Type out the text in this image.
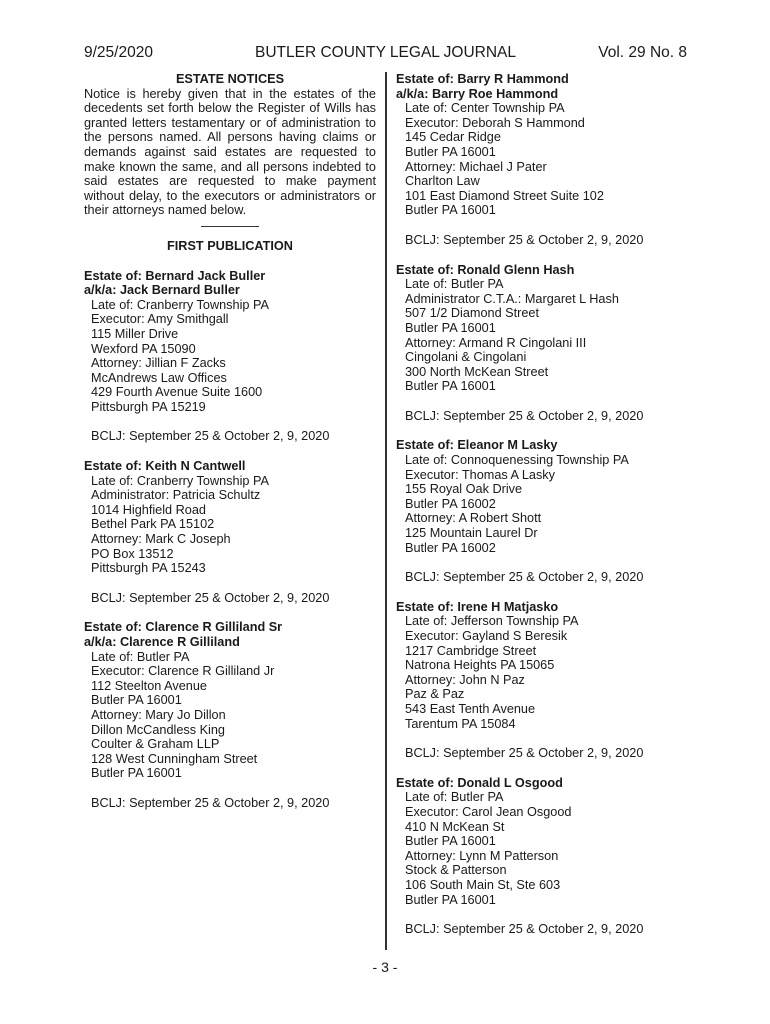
9/25/2020	BUTLER COUNTY LEGAL JOURNAL	Vol. 29 No. 8
ESTATE NOTICES
Notice is hereby given that in the estates of the decedents set forth below the Register of Wills has granted letters testamentary or of administration to the persons named. All persons having claims or demands against said estates are requested to make known the same, and all persons indebted to said estates are requested to make payment without delay, to the executors or administrators or their attorneys named below.
FIRST PUBLICATION
Estate of: Bernard Jack Buller
a/k/a: Jack Bernard Buller
Late of: Cranberry Township PA
Executor: Amy Smithgall
115 Miller Drive
Wexford PA 15090
Attorney: Jillian F Zacks
McAndrews Law Offices
429 Fourth Avenue Suite 1600
Pittsburgh PA 15219
BCLJ: September 25 & October 2, 9, 2020
Estate of: Keith N Cantwell
Late of: Cranberry Township PA
Administrator: Patricia Schultz
1014 Highfield Road
Bethel Park PA 15102
Attorney: Mark C Joseph
PO Box 13512
Pittsburgh PA 15243
BCLJ: September 25 & October 2, 9, 2020
Estate of: Clarence R Gilliland Sr
a/k/a: Clarence R Gilliland
Late of: Butler PA
Executor: Clarence R Gilliland Jr
112 Steelton Avenue
Butler PA 16001
Attorney: Mary Jo Dillon
Dillon McCandless King
Coulter & Graham LLP
128 West Cunningham Street
Butler PA 16001
BCLJ: September 25 & October 2, 9, 2020
Estate of: Barry R Hammond
a/k/a: Barry Roe Hammond
Late of: Center Township PA
Executor: Deborah S Hammond
145 Cedar Ridge
Butler PA 16001
Attorney: Michael J Pater
Charlton Law
101 East Diamond Street Suite 102
Butler PA 16001
BCLJ: September 25 & October 2, 9, 2020
Estate of: Ronald Glenn Hash
Late of: Butler PA
Administrator C.T.A.: Margaret L Hash
507 1/2 Diamond Street
Butler PA 16001
Attorney: Armand R Cingolani III
Cingolani & Cingolani
300 North McKean Street
Butler PA 16001
BCLJ: September 25 & October 2, 9, 2020
Estate of: Eleanor M Lasky
Late of: Connoquenessing Township PA
Executor: Thomas A Lasky
155 Royal Oak Drive
Butler PA 16002
Attorney: A Robert Shott
125 Mountain Laurel Dr
Butler PA 16002
BCLJ: September 25 & October 2, 9, 2020
Estate of: Irene H Matjasko
Late of: Jefferson Township PA
Executor: Gayland S Beresik
1217 Cambridge Street
Natrona Heights PA 15065
Attorney: John N Paz
Paz & Paz
543 East Tenth Avenue
Tarentum PA 15084
BCLJ: September 25 & October 2, 9, 2020
Estate of: Donald L Osgood
Late of: Butler PA
Executor: Carol Jean Osgood
410 N McKean St
Butler PA 16001
Attorney: Lynn M Patterson
Stock & Patterson
106 South Main St, Ste 603
Butler PA 16001
BCLJ: September 25 & October 2, 9, 2020
- 3 -
